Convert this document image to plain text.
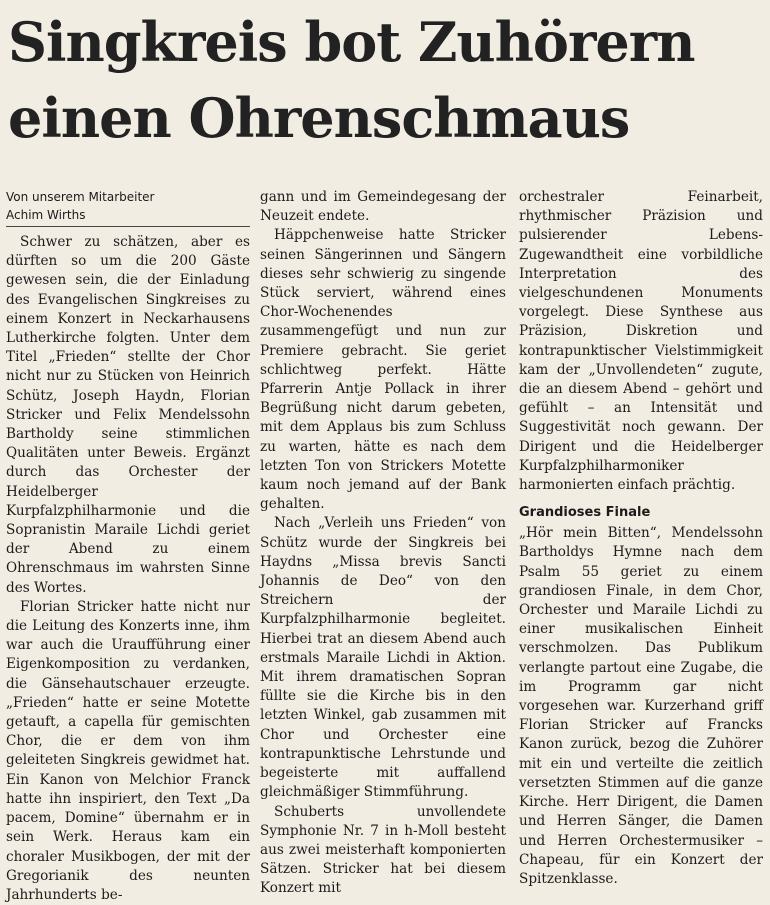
Singkreis bot Zuhörern
einen Ohrenschmaus
Von unserem Mitarbeiter
Achim Wirths

Schwer zu schätzen, aber es dürften so um die 200 Gäste gewesen sein, die der Einladung des Evangelischen Singkreises zu einem Konzert in Neckarhausens Lutherkirche folgten. Unter dem Titel „Frieden“ stellte der Chor nicht nur zu Stücken von Heinrich Schütz, Joseph Haydn, Florian Stricker und Felix Mendelssohn Bartholdy seine stimmlichen Qualitäten unter Beweis. Ergänzt durch das Orchester der Heidelberger Kurpfalzphilharmonie und die Sopranistin Maraile Lichdi geriet der Abend zu einem Ohrenschmaus im wahrsten Sinne des Wortes.

Florian Stricker hatte nicht nur die Leitung des Konzerts inne, ihm war auch die Uraufführung einer Eigenkomposition zu verdanken, die Gänsehautschauer erzeugte. „Frieden“ hatte er seine Motette getauft, a capella für gemischten Chor, die er dem von ihm geleiteten Singkreis gewidmet hat. Ein Kanon von Melchior Franck hatte ihn inspiriert, den Text „Da pacem, Domine“ übernahm er in sein Werk. Heraus kam ein choraler Musikbogen, der mit der Gregorianik des neunten Jahrhunderts be-

gann und im Gemeindegesang der Neuzeit endete.

Häppchenweise hatte Stricker seinen Sängerinnen und Sängern dieses sehr schwierig zu singende Stück serviert, während eines Chor-Wochenendes zusammengefügt und nun zur Premiere gebracht. Sie geriet schlichtweg perfekt. Hätte Pfarrerin Antje Pollack in ihrer Begrüßung nicht darum gebeten, mit dem Applaus bis zum Schluss zu warten, hätte es nach dem letzten Ton von Strickers Motette kaum noch jemand auf der Bank gehalten.

Nach „Verleih uns Frieden“ von Schütz wurde der Singkreis bei Haydns „Missa brevis Sancti Johannis de Deo“ von den Streichern der Kurpfalzphilharmonie begleitet. Hierbei trat an diesem Abend auch erstmals Maraile Lichdi in Aktion. Mit ihrem dramatischen Sopran füllte sie die Kirche bis in den letzten Winkel, gab zusammen mit Chor und Orchester eine kontrapunktische Lehrstunde und begeisterte mit auffallend gleichmäßiger Stimmführung.

Schuberts unvollendete Symphonie Nr. 7 in h-Moll besteht aus zwei meisterhaft komponierten Sätzen. Stricker hat bei diesem Konzert mit

orchestraler Feinarbeit, rhythmischer Präzision und pulsierender Lebens-Zugewandtheit eine vorbildliche Interpretation des vielgeschundenen Monuments vorgelegt. Diese Synthese aus Präzision, Diskretion und kontrapunktischer Vielstimmigkeit kam der „Unvollendeten“ zugute, die an diesem Abend – gehört und gefühlt – an Intensität und Suggestivität noch gewann. Der Dirigent und die Heidelberger Kurpfalzphilharmoniker harmonierten einfach prächtig.

Grandioses Finale

„Hör mein Bitten“, Mendelssohn Bartholdys Hymne nach dem Psalm 55 geriet zu einem grandiosen Finale, in dem Chor, Orchester und Maraile Lichdi zu einer musikalischen Einheit verschmolzen. Das Publikum verlangte partout eine Zugabe, die im Programm gar nicht vorgesehen war. Kurzerhand griff Florian Stricker auf Francks Kanon zurück, bezog die Zuhörer mit ein und verteilte die zeitlich versetzten Stimmen auf die ganze Kirche. Herr Dirigent, die Damen und Herren Sänger, die Damen und Herren Orchestermusiker – Chapeau, für ein Konzert der Spitzenklasse.
